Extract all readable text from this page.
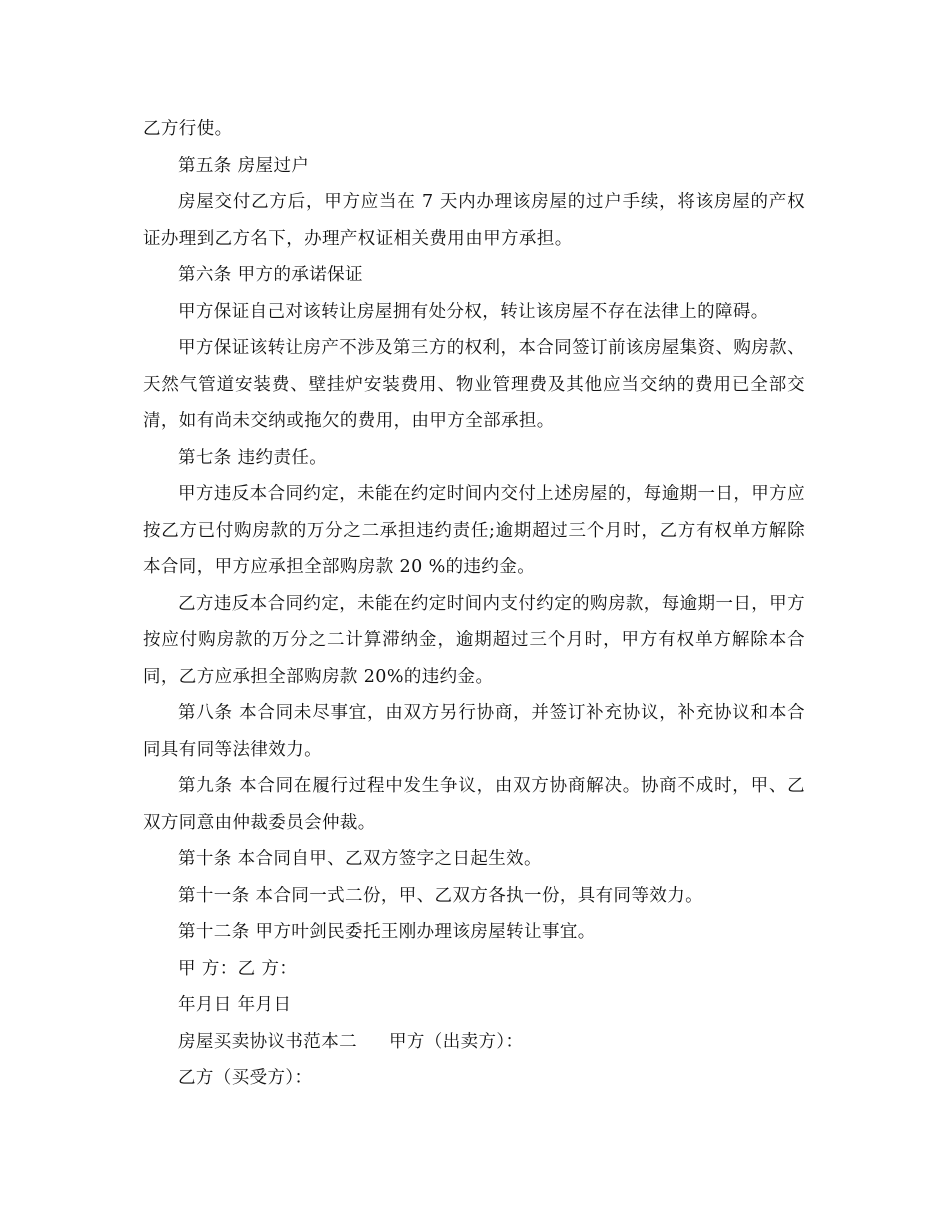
乙方行使。

第五条 房屋过户

房屋交付乙方后，甲方应当在 7 天内办理该房屋的过户手续，将该房屋的产权证办理到乙方名下，办理产权证相关费用由甲方承担。

第六条 甲方的承诺保证

甲方保证自己对该转让房屋拥有处分权，转让该房屋不存在法律上的障碍。

甲方保证该转让房产不涉及第三方的权利，本合同签订前该房屋集资、购房款、天然气管道安装费、壁挂炉安装费用、物业管理费及其他应当交纳的费用已全部交清，如有尚未交纳或拖欠的费用，由甲方全部承担。

第七条 违约责任。

甲方违反本合同约定，未能在约定时间内交付上述房屋的，每逾期一日，甲方应按乙方已付购房款的万分之二承担违约责任;逾期超过三个月时，乙方有权单方解除本合同，甲方应承担全部购房款 20 %的违约金。

乙方违反本合同约定，未能在约定时间内支付约定的购房款，每逾期一日，甲方按应付购房款的万分之二计算滞纳金，逾期超过三个月时，甲方有权单方解除本合同，乙方应承担全部购房款 20%的违约金。

第八条 本合同未尽事宜，由双方另行协商，并签订补充协议，补充协议和本合同具有同等法律效力。

第九条 本合同在履行过程中发生争议，由双方协商解决。协商不成时，甲、乙双方同意由仲裁委员会仲裁。

第十条 本合同自甲、乙双方签字之日起生效。

第十一条 本合同一式二份，甲、乙双方各执一份，具有同等效力。

第十二条 甲方叶剑民委托王刚办理该房屋转让事宜。

甲 方：乙 方：

年月日 年月日

房屋买卖协议书范本二 甲方（出卖方）：

乙方（买受方）：
